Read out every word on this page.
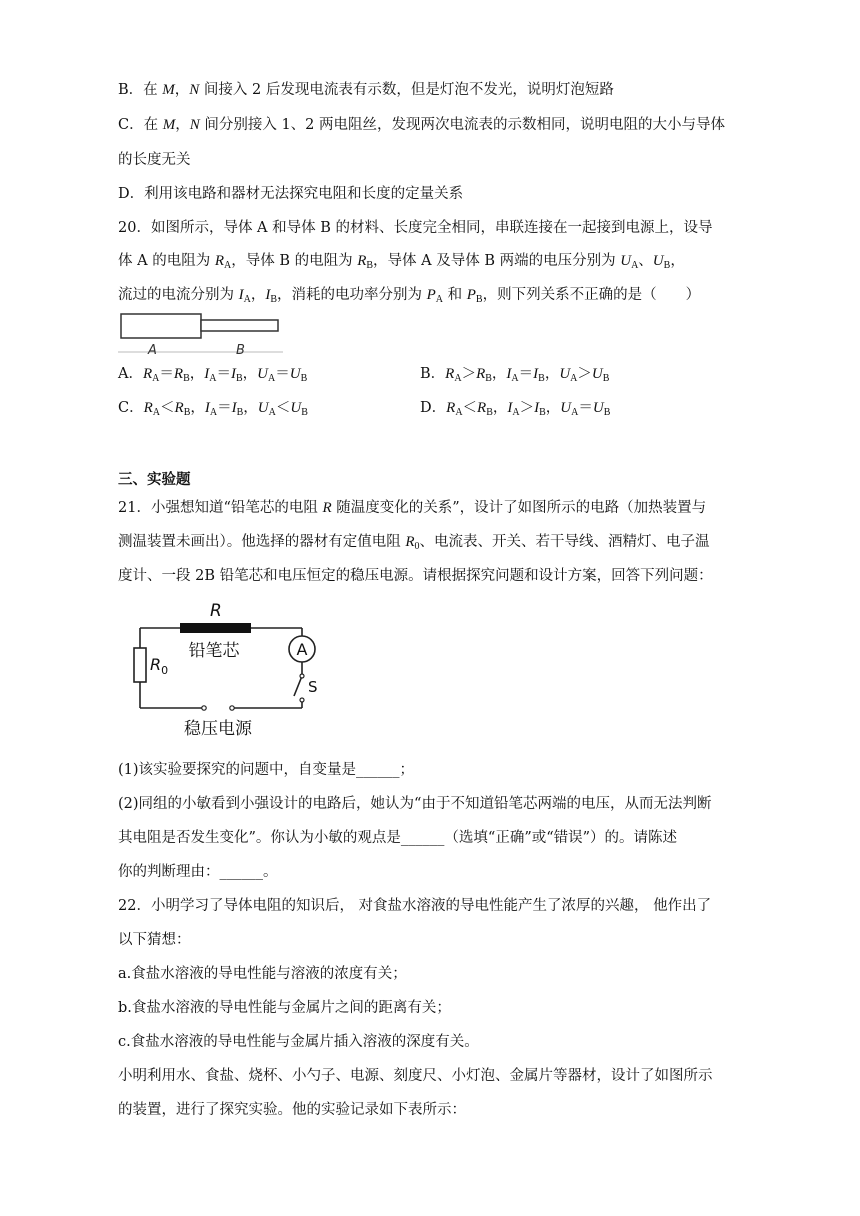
B．在 M，N 间接入 2 后发现电流表有示数，但是灯泡不发光，说明灯泡短路
C．在 M，N 间分别接入 1、2 两电阻丝，发现两次电流表的示数相同，说明电阻的大小与导体
的长度无关
D．利用该电路和器材无法探究电阻和长度的定量关系
20．如图所示，导体 A 和导体 B 的材料、长度完全相同，串联连接在一起接到电源上，设导
体 A 的电阻为 $R_A$，导体 B 的电阻为 $R_B$，导体 A 及导体 B 两端的电压分别为 $U_A$、$U_B$，
流过的电流分别为 $I_A$，$I_B$，消耗的电功率分别为 $P_A$ 和 $P_B$，则下列关系不正确的是（　　）
A	B
A．$R_A=R_B$，$I_A=I_B$，$U_A=U_B$	B．$R_A>R_B$，$I_A=I_B$，$U_A>U_B$
C．$R_A<R_B$，$I_A=I_B$，$U_A<U_B$	D．$R_A<R_B$，$I_A>I_B$，$U_A=U_B$
三、实验题
21．小强想知道“铅笔芯的电阻 R 随温度变化的关系”，设计了如图所示的电路（加热装置与
测温装置未画出）。他选择的器材有定值电阻 $R_0$、电流表、开关、若干导线、酒精灯、电子温
度计、一段 2B 铅笔芯和电压恒定的稳压电源。请根据探究问题和设计方案，回答下列问题：
A
R
铅笔芯
$R_0$
S
稳压电源
(1)该实验要探究的问题中，自变量是______；
(2)同组的小敏看到小强设计的电路后，她认为“由于不知道铅笔芯两端的电压，从而无法判断
其电阻是否发生变化”。你认为小敏的观点是______（选填“正确”或“错误”）的。请陈述
你的判断理由：______。
22．小明学习了导体电阻的知识后， 对食盐水溶液的导电性能产生了浓厚的兴趣， 他作出了
以下猜想：
a.食盐水溶液的导电性能与溶液的浓度有关；
b.食盐水溶液的导电性能与金属片之间的距离有关；
c.食盐水溶液的导电性能与金属片插入溶液的深度有关。
小明利用水、食盐、烧杯、小勺子、电源、刻度尺、小灯泡、金属片等器材，设计了如图所示
的装置，进行了探究实验。他的实验记录如下表所示：
